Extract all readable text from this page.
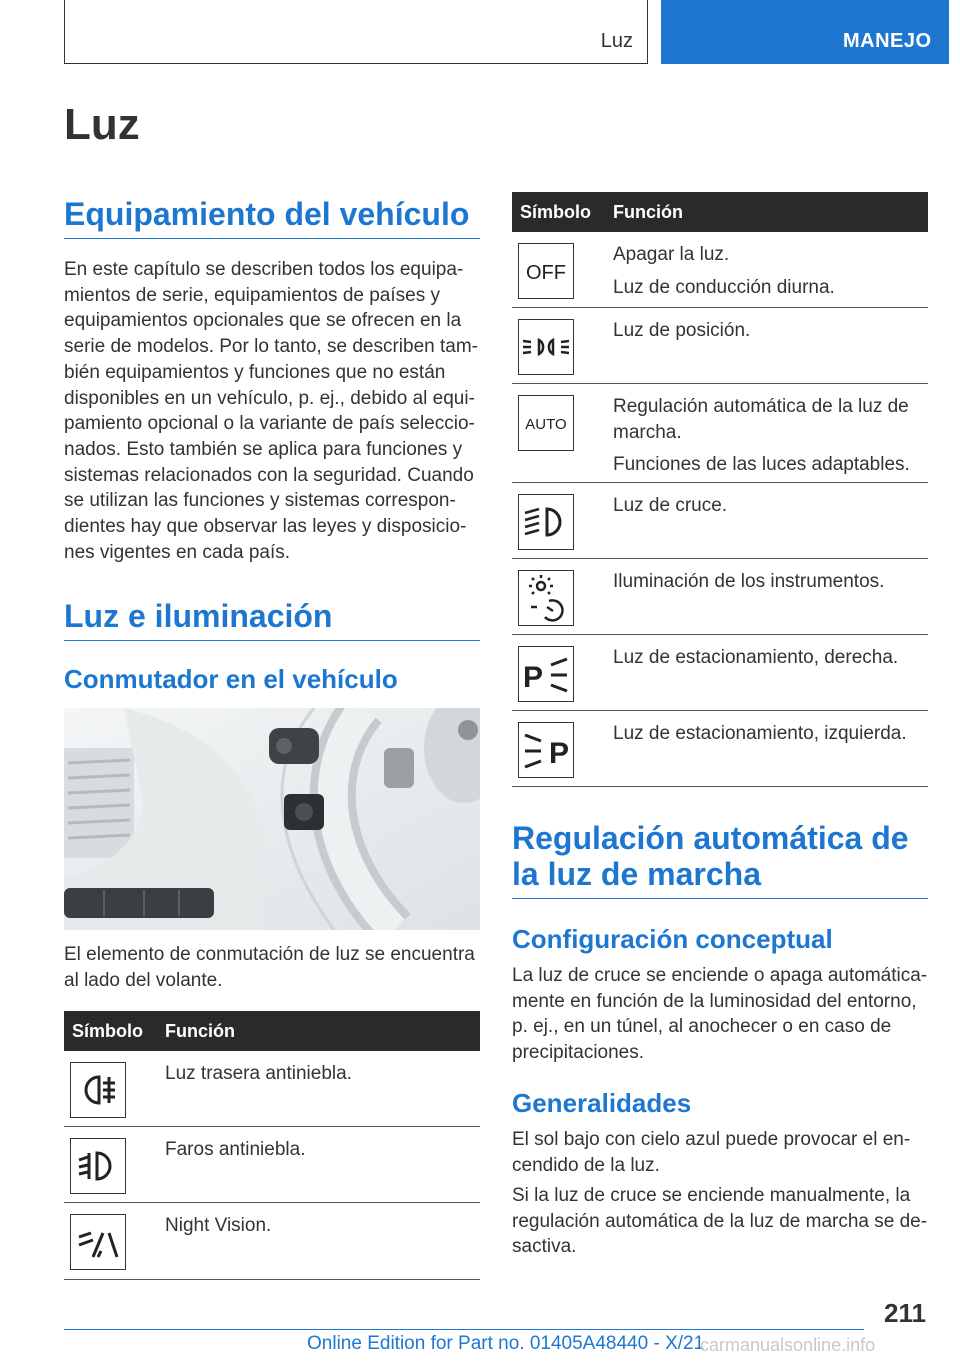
Luz	MANEJO
Luz
Equipamiento del vehículo

En este capítulo se describen todos los equipamientos de serie, equipamientos de países y equipamientos opcionales que se ofrecen en la serie de modelos. Por lo tanto, se describen también equipamientos y funciones que no están disponibles en un vehículo, p. ej., debido al equipamiento opcional o la variante de país seleccionados. Esto también se aplica para funciones y sistemas relacionados con la seguridad. Cuando se utilizan las funciones y sistemas correspondientes hay que observar las leyes y disposiciones vigentes en cada país.

Luz e iluminación
Conmutador en el vehículo

El elemento de conmutación de luz se encuentra al lado del volante.

Símbolo Función
Luz trasera antiniebla.
Faros antiniebla.
Night Vision.
Símbolo Función
OFF
Apagar la luz.
Luz de conducción diurna.
Luz de posición.
AUTO
Regulación automática de la luz de marcha.
Funciones de las luces adaptables.
Luz de cruce.
Iluminación de los instrumentos.
P
Luz de estacionamiento, derecha.
P
Luz de estacionamiento, izquierda.
Regulación automática de la luz de marcha
Configuración conceptual

La luz de cruce se enciende o apaga automáticamente en función de la luminosidad del entorno, p. ej., en un túnel, al anochecer o en caso de precipitaciones.

Generalidades

El sol bajo con cielo azul puede provocar el encendido de la luz.

Si la luz de cruce se enciende manualmente, la regulación automática de la luz de marcha se desactiva.

211
Online Edition for Part no. 01405A48440 - X/21
carmanualsonline.info
